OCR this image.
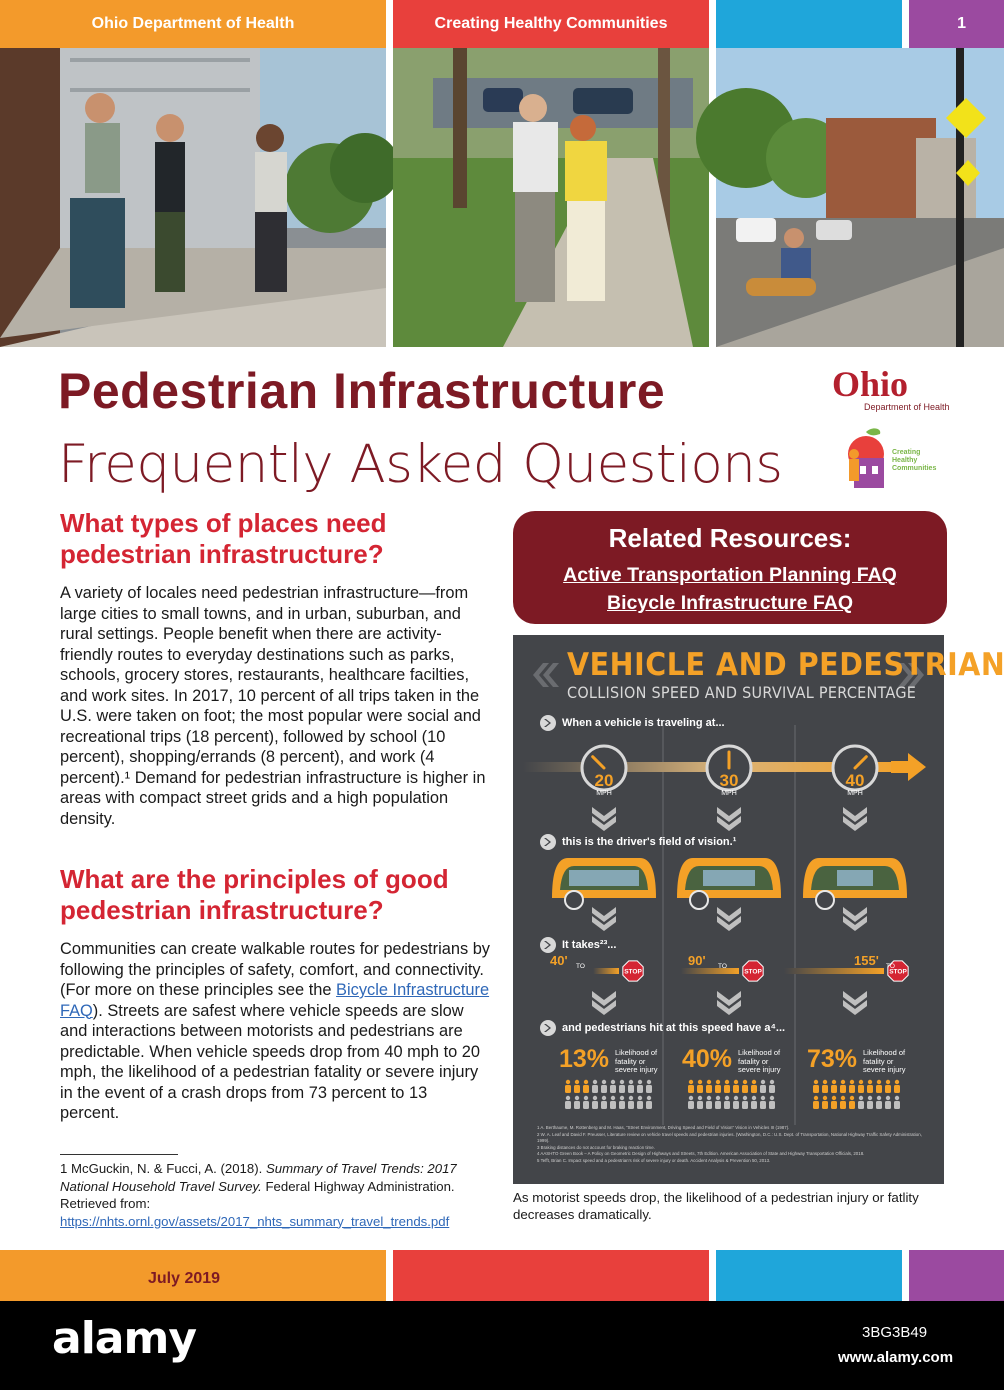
Ohio Department of Health	Creating Healthy Communities	1
Pedestrian Infrastructure
Frequently Asked Questions
Ohio
Department of Health
Creating
Healthy
Communities
What types of places need pedestrian infrastructure?
A variety of locales need pedestrian infrastructure—from large cities to small towns, and in urban, suburban, and rural settings. People benefit when there are activity-friendly routes to everyday destinations such as parks, schools, grocery stores, restaurants, healthcare facilties, and work sites. In 2017, 10 percent of all trips taken in the U.S. were taken on foot; the most popular were social and recreational trips (18 percent), followed by school (10 percent), shopping/errands (8 percent), and work (4 percent).¹ Demand for pedestrian infrastructure is higher in areas with compact street grids and a high population density.
What are the principles of good pedestrian infrastructure?
Communities can create walkable routes for pedestrians by following the principles of safety, comfort, and connectivity. (For more on these principles see the Bicycle Infrastructure FAQ). Streets are safest where vehicle speeds are slow and interactions between motorists and pedestrians are predictable. When vehicle speeds drop from 40 mph to 20 mph, the likelihood of a pedestrian fatality or severe injury in the event of a crash drops from 73 percent to 13 percent.
1 McGuckin, N. & Fucci, A. (2018). Summary of Travel Trends: 2017 National Household Travel Survey. Federal Highway Administration. Retrieved from: https://nhts.ornl.gov/assets/2017_nhts_summary_travel_trends.pdf
Related Resources:
Active Transportation Planning FAQ
Bicycle Infrastructure FAQ
STOP	STOP	STOP
VEHICLE AND PEDESTRIAN
COLLISION SPEED AND SURVIVAL PERCENTAGE
When a vehicle is traveling at...
this is the driver's field of vision.¹
It takes²³...
and pedestrians hit at this speed have a⁴...
20
MPH
30
MPH
40
MPH
40' TO	90' TO	155' TO
13% Likelihood of fatality or severe injury 40% Likelihood of fatality or severe injury 73% Likelihood of fatality or severe injury
1 A. Berthaume, M. Rottenberg and M. Haas, "Street Environment, Driving Speed and Field of Vision" Vision in Vehicles III (1987).
2 W. A. Leaf and David F. Preusser, Literature review on vehicle travel speeds and pedestrian injuries. (Washington, D.C.: U.S. Dept. of Transportation, National Highway Traffic Safety Administration, 1999).
3 Braking distances do not account for braking reaction time.
4 AASHTO Green Book – A Policy on Geometric Design of Highways and Streets, 7th Edition. American Association of State and Highway Transportation Officials, 2018.
5 Tefft, Brian C. Impact speed and a pedestrian's risk of severe injury or death. Accident Analysis & Prevention 50, 2013.
As motorist speeds drop, the likelihood of a pedestrian injury or fatlity decreases dramatically.
July 2019
alamy	3BG3B49
www.alamy.com
